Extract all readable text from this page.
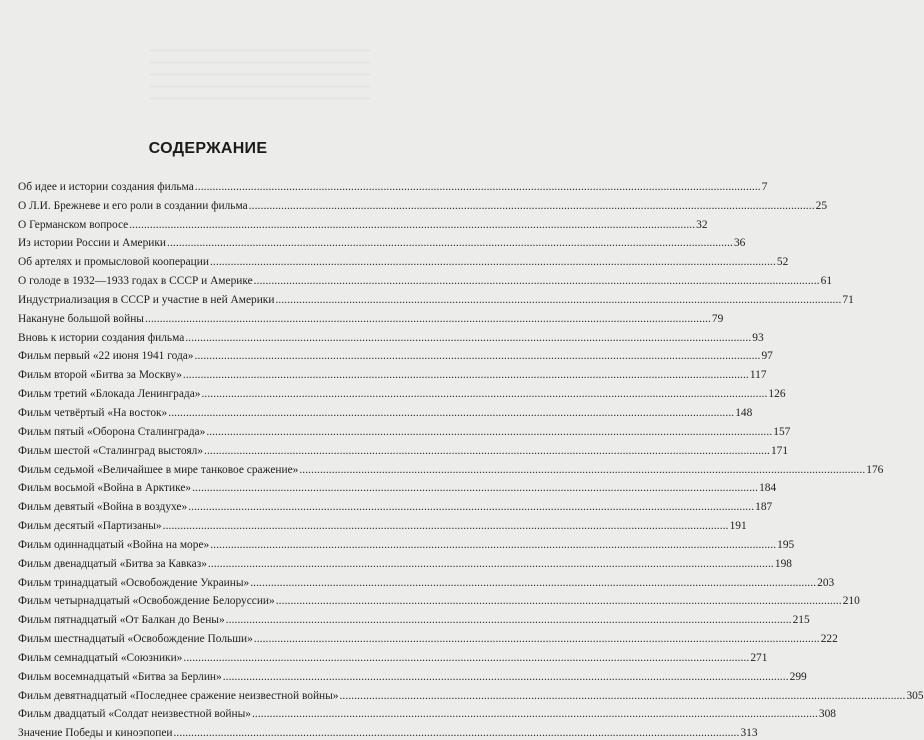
СОДЕРЖАНИЕ
Об идее и истории создания фильма .....	7
О Л.И. Брежневе и его роли в создании фильма .....	25
О Германском вопросе .....	32
Из истории России и Америки .....	36
Об артелях и промысловой кооперации .....	52
О голоде в 1932—1933 годах в СССР и Америке .....	61
Индустриализация в СССР и участие в ней Америки .....	71
Накануне большой войны .....	79
Вновь к истории создания фильма .....	93
Фильм первый «22 июня 1941 года» .....	97
Фильм второй «Битва за Москву» .....	117
Фильм третий «Блокада Ленинграда» .....	126
Фильм четвёртый «На восток» .....	148
Фильм пятый «Оборона Сталинграда» .....	157
Фильм шестой «Сталинград выстоял» .....	171
Фильм седьмой «Величайшее в мире танковое сражение» .....	176
Фильм восьмой «Война в Арктике» .....	184
Фильм девятый «Война в воздухе» .....	187
Фильм десятый «Партизаны» .....	191
Фильм одиннадцатый «Война на море» .....	195
Фильм двенадцатый «Битва за Кавказ» .....	198
Фильм тринадцатый «Освобождение Украины» .....	203
Фильм четырнадцатый «Освобождение Белоруссии» .....	210
Фильм пятнадцатый «От Балкан до Вены» .....	215
Фильм шестнадцатый «Освобождение Польши» .....	222
Фильм семнадцатый «Союзники» .....	271
Фильм восемнадцатый «Битва за Берлин» .....	299
Фильм девятнадцатый «Последнее сражение неизвестной войны» .....	305
Фильм двадцатый «Солдат неизвестной войны» .....	308
Значение Победы и киноэпопеи .....	313
